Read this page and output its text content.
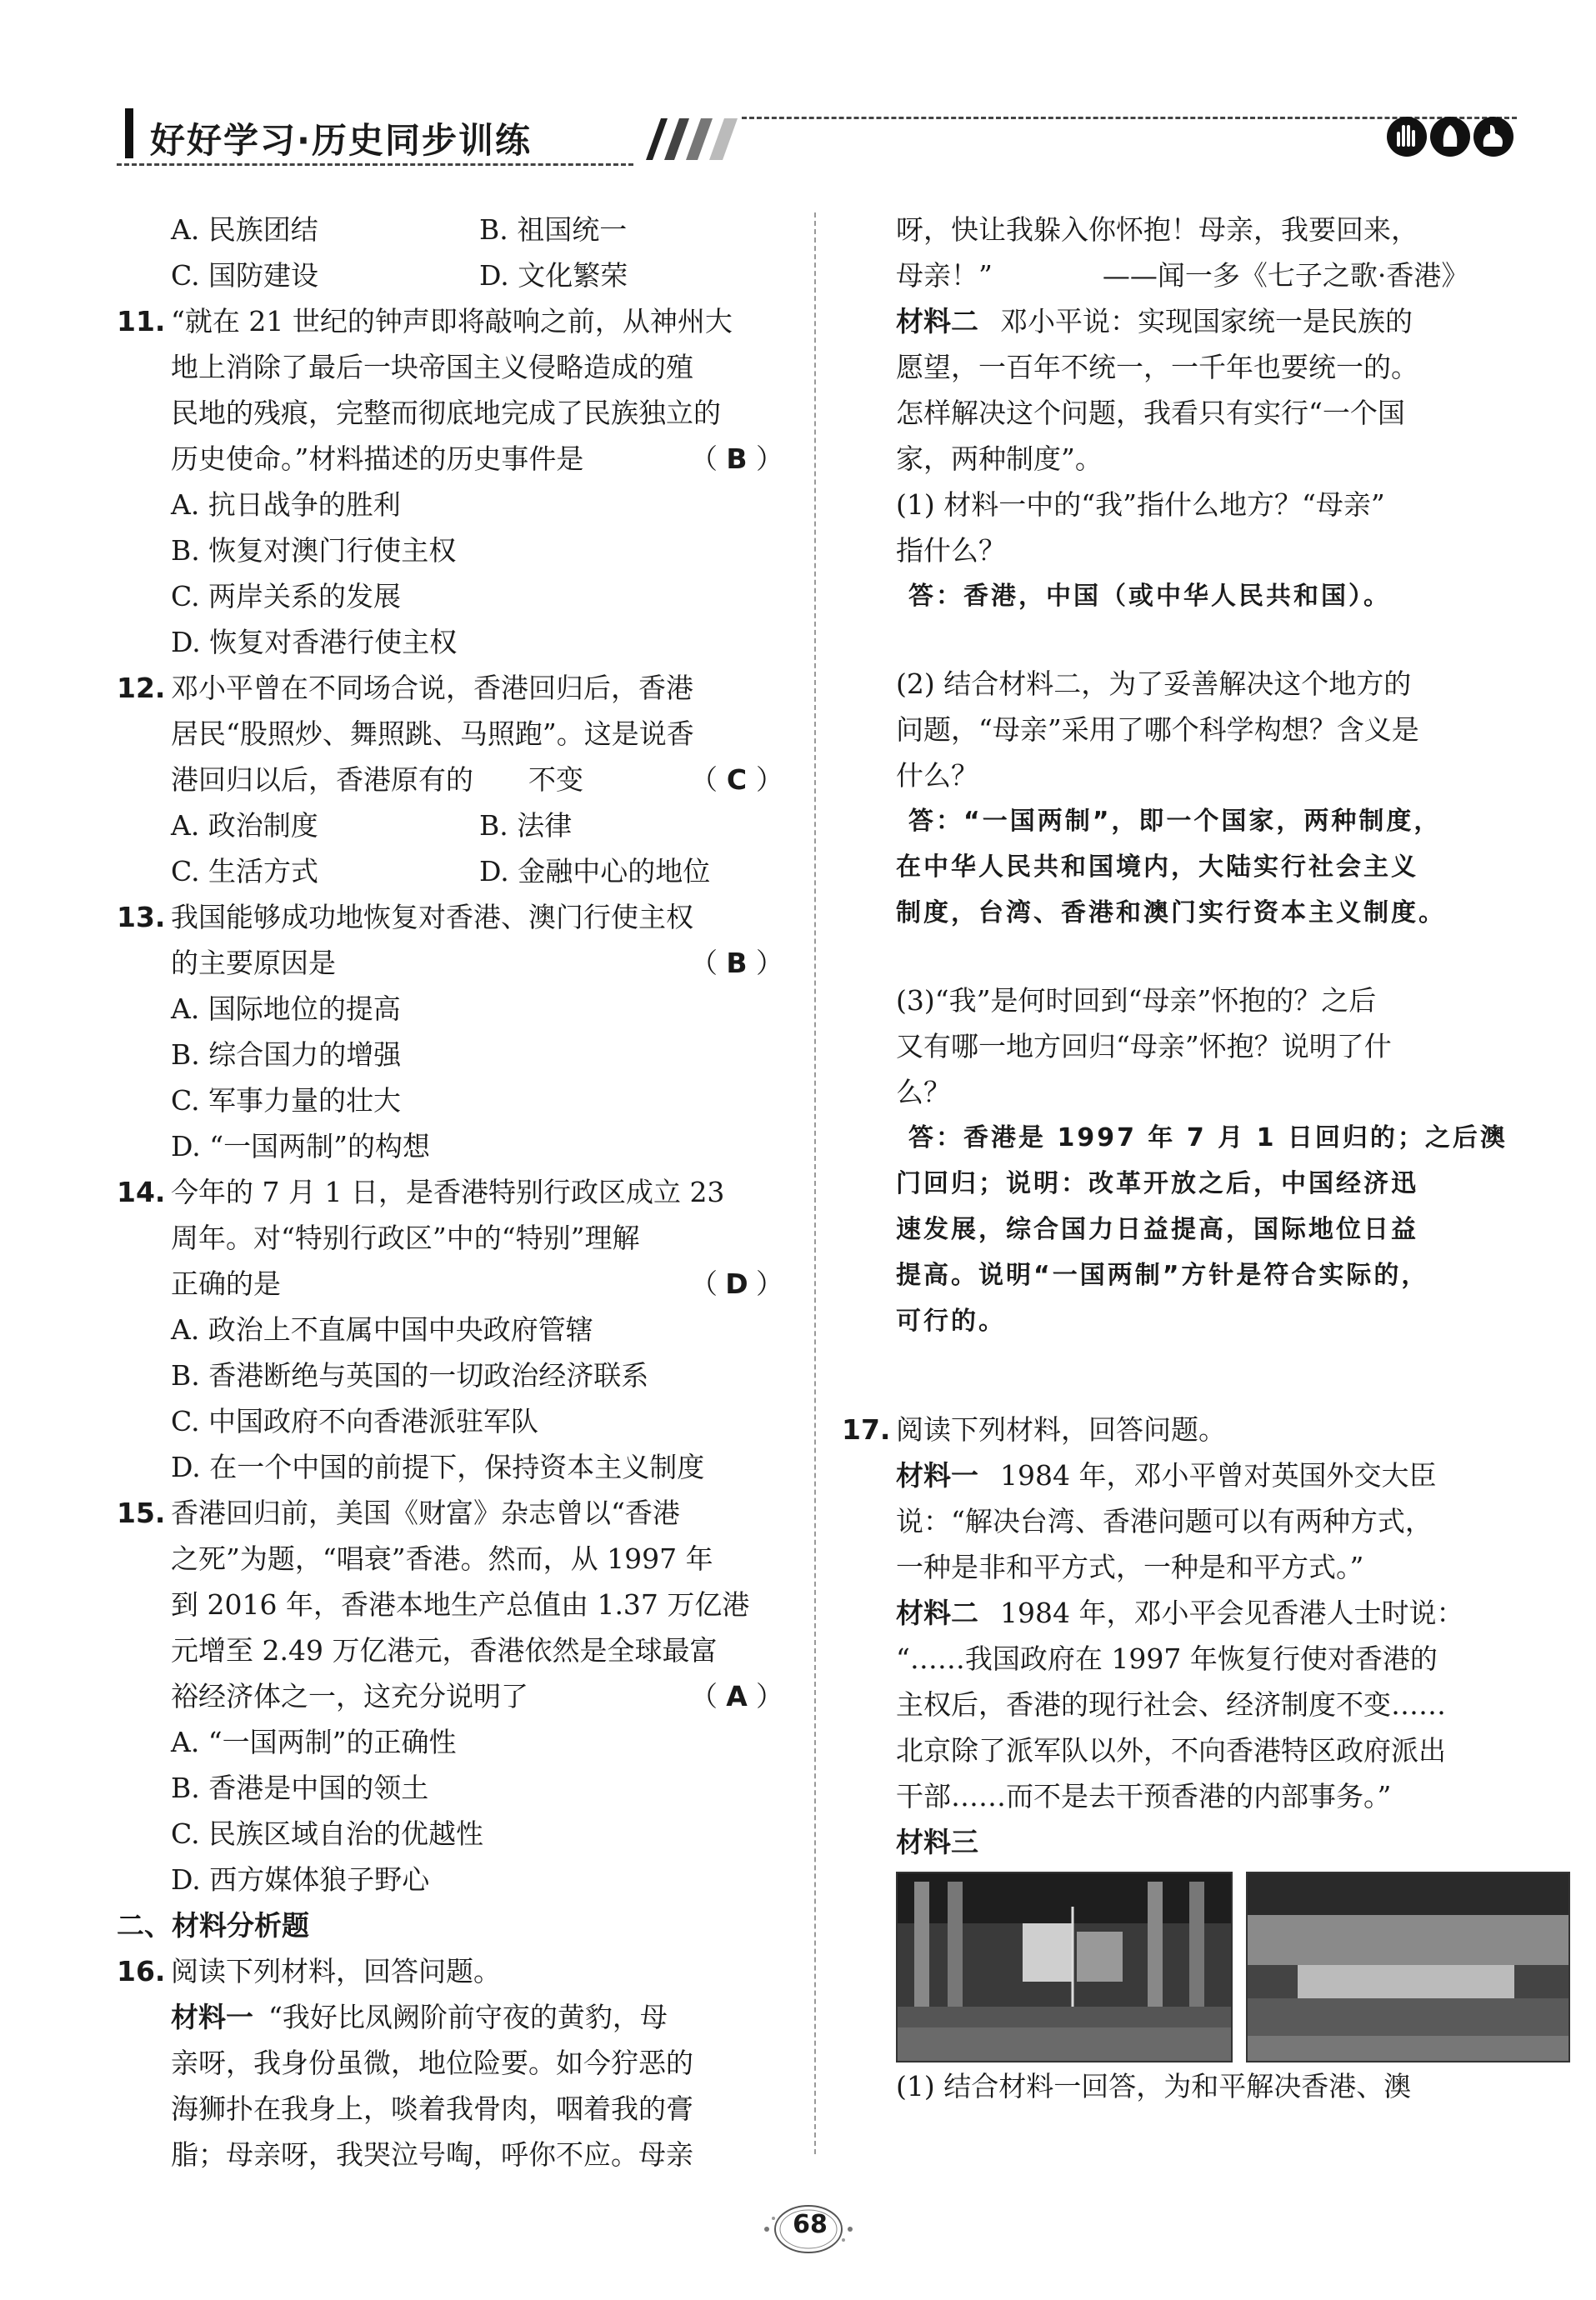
好好学习·历史同步训练
A. 民族团结	B. 祖国统一
C. 国防建设	D. 文化繁荣
11. “就在 21 世纪的钟声即将敲响之前，从神州大
地上消除了最后一块帝国主义侵略造成的殖
民地的残痕，完整而彻底地完成了民族独立的
历史使命。”材料描述的历史事件是	（ B ）
A. 抗日战争的胜利
B. 恢复对澳门行使主权
C. 两岸关系的发展
D. 恢复对香港行使主权
12. 邓小平曾在不同场合说，香港回归后，香港
居民“股照炒、舞照跳、马照跑”。这是说香
港回归以后，香港原有的　　不变	（ C ）
A. 政治制度	B. 法律
C. 生活方式	D. 金融中心的地位
13. 我国能够成功地恢复对香港、澳门行使主权
的主要原因是	（ B ）
A. 国际地位的提高
B. 综合国力的增强
C. 军事力量的壮大
D. “一国两制”的构想
14. 今年的 7 月 1 日，是香港特别行政区成立 23
周年。对“特别行政区”中的“特别”理解
正确的是	（ D ）
A. 政治上不直属中国中央政府管辖
B. 香港断绝与英国的一切政治经济联系
C. 中国政府不向香港派驻军队
D. 在一个中国的前提下，保持资本主义制度
15. 香港回归前，美国《财富》杂志曾以“香港
之死”为题，“唱衰”香港。然而，从 1997 年
到 2016 年，香港本地生产总值由 1.37 万亿港
元增至 2.49 万亿港元，香港依然是全球最富
裕经济体之一，这充分说明了	（ A ）
A. “一国两制”的正确性
B. 香港是中国的领土
C. 民族区域自治的优越性
D. 西方媒体狼子野心
二、材料分析题
16. 阅读下列材料，回答问题。
材料一 “我好比凤阙阶前守夜的黄豹，母
亲呀，我身份虽微，地位险要。如今狞恶的
海狮扑在我身上，啖着我骨肉，咽着我的膏
脂；母亲呀，我哭泣号啕，呼你不应。母亲
呀，快让我躲入你怀抱！母亲，我要回来，
母亲！”　　　　——闻一多《七子之歌·香港》
材料二 邓小平说：实现国家统一是民族的
愿望，一百年不统一，一千年也要统一的。
怎样解决这个问题，我看只有实行“一个国
家，两种制度”。
(1) 材料一中的“我”指什么地方？“母亲”
指什么？
答：香港，中国（或中华人民共和国）。
(2) 结合材料二，为了妥善解决这个地方的
问题，“母亲”采用了哪个科学构想？含义是
什么？
答：“一国两制”，即一个国家，两种制度，
在中华人民共和国境内，大陆实行社会主义
制度，台湾、香港和澳门实行资本主义制度。
(3)“我”是何时回到“母亲”怀抱的？之后
又有哪一地方回归“母亲”怀抱？说明了什
么？
答：香港是 1997 年 7 月 1 日回归的；之后澳
门回归；说明：改革开放之后，中国经济迅
速发展，综合国力日益提高，国际地位日益
提高。说明“一国两制”方针是符合实际的，
可行的。
17. 阅读下列材料，回答问题。
材料一 1984 年，邓小平曾对英国外交大臣
说：“解决台湾、香港问题可以有两种方式，
一种是非和平方式，一种是和平方式。”
材料二 1984 年，邓小平会见香港人士时说：
“……我国政府在 1997 年恢复行使对香港的
主权后，香港的现行社会、经济制度不变……
北京除了派军队以外，不向香港特区政府派出
干部……而不是去干预香港的内部事务。”
材料三
(1) 结合材料一回答，为和平解决香港、澳
68
